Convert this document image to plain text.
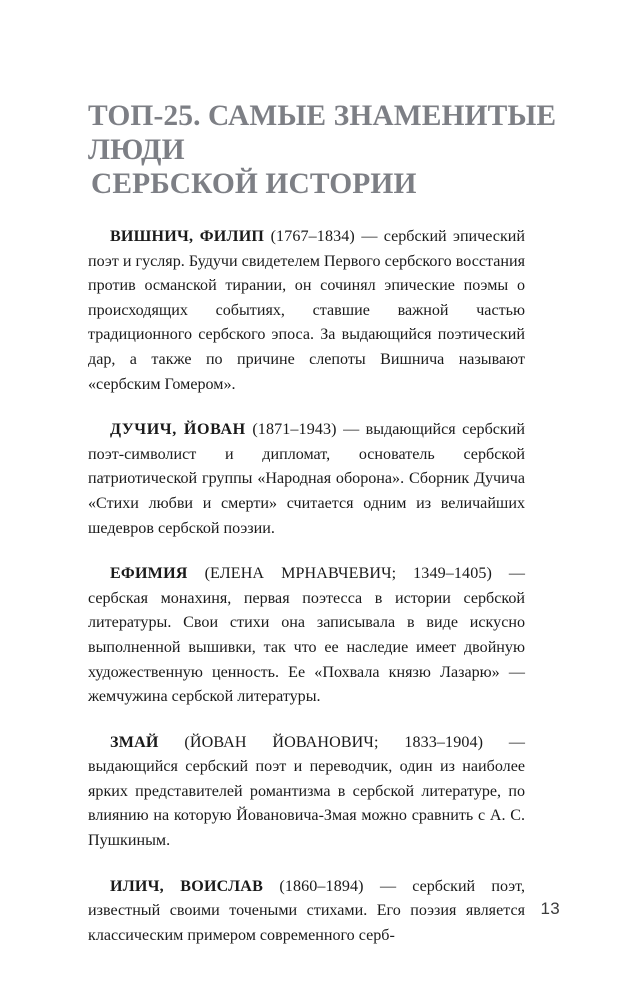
ТОП-25. САМЫЕ ЗНАМЕНИТЫЕ
ЛЮДИ
СЕРБСКОЙ ИСТОРИИ

ВИШНИЧ, ФИЛИП (1767–1834) — сербский эпический поэт и гусляр. Будучи свидетелем Первого сербского восстания против османской тирании, он сочинял эпические поэмы о происходящих событиях, ставшие важной частью традиционного сербского эпоса. За выдающийся поэтический дар, а также по причине слепоты Вишнича называют «сербским Гомером».

ДУЧИЧ, ЙОВАН (1871–1943) — выдающийся сербский поэт-символист и дипломат, основатель сербской патриотической группы «Народная оборона». Сборник Дучича «Стихи любви и смерти» считается одним из величайших шедевров сербской поэзии.

ЕФИМИЯ (ЕЛЕНА МРНАВЧЕВИЧ; 1349–1405) — сербская монахиня, первая поэтесса в истории сербской литературы. Свои стихи она записывала в виде искусно выполненной вышивки, так что ее наследие имеет двойную художественную ценность. Ее «Похвала князю Лазарю» — жемчужина сербской литературы.

ЗМАЙ (ЙОВАН ЙОВАНОВИЧ; 1833–1904) — выдающийся сербский поэт и переводчик, один из наиболее ярких представителей романтизма в сербской литературе, по влиянию на которую Йовановича-Змая можно сравнить с А. С. Пушкиным.

ИЛИЧ, ВОИСЛАВ (1860–1894) — сербский поэт, известный своими точеными стихами. Его поэзия является классическим примером современного серб-

13
